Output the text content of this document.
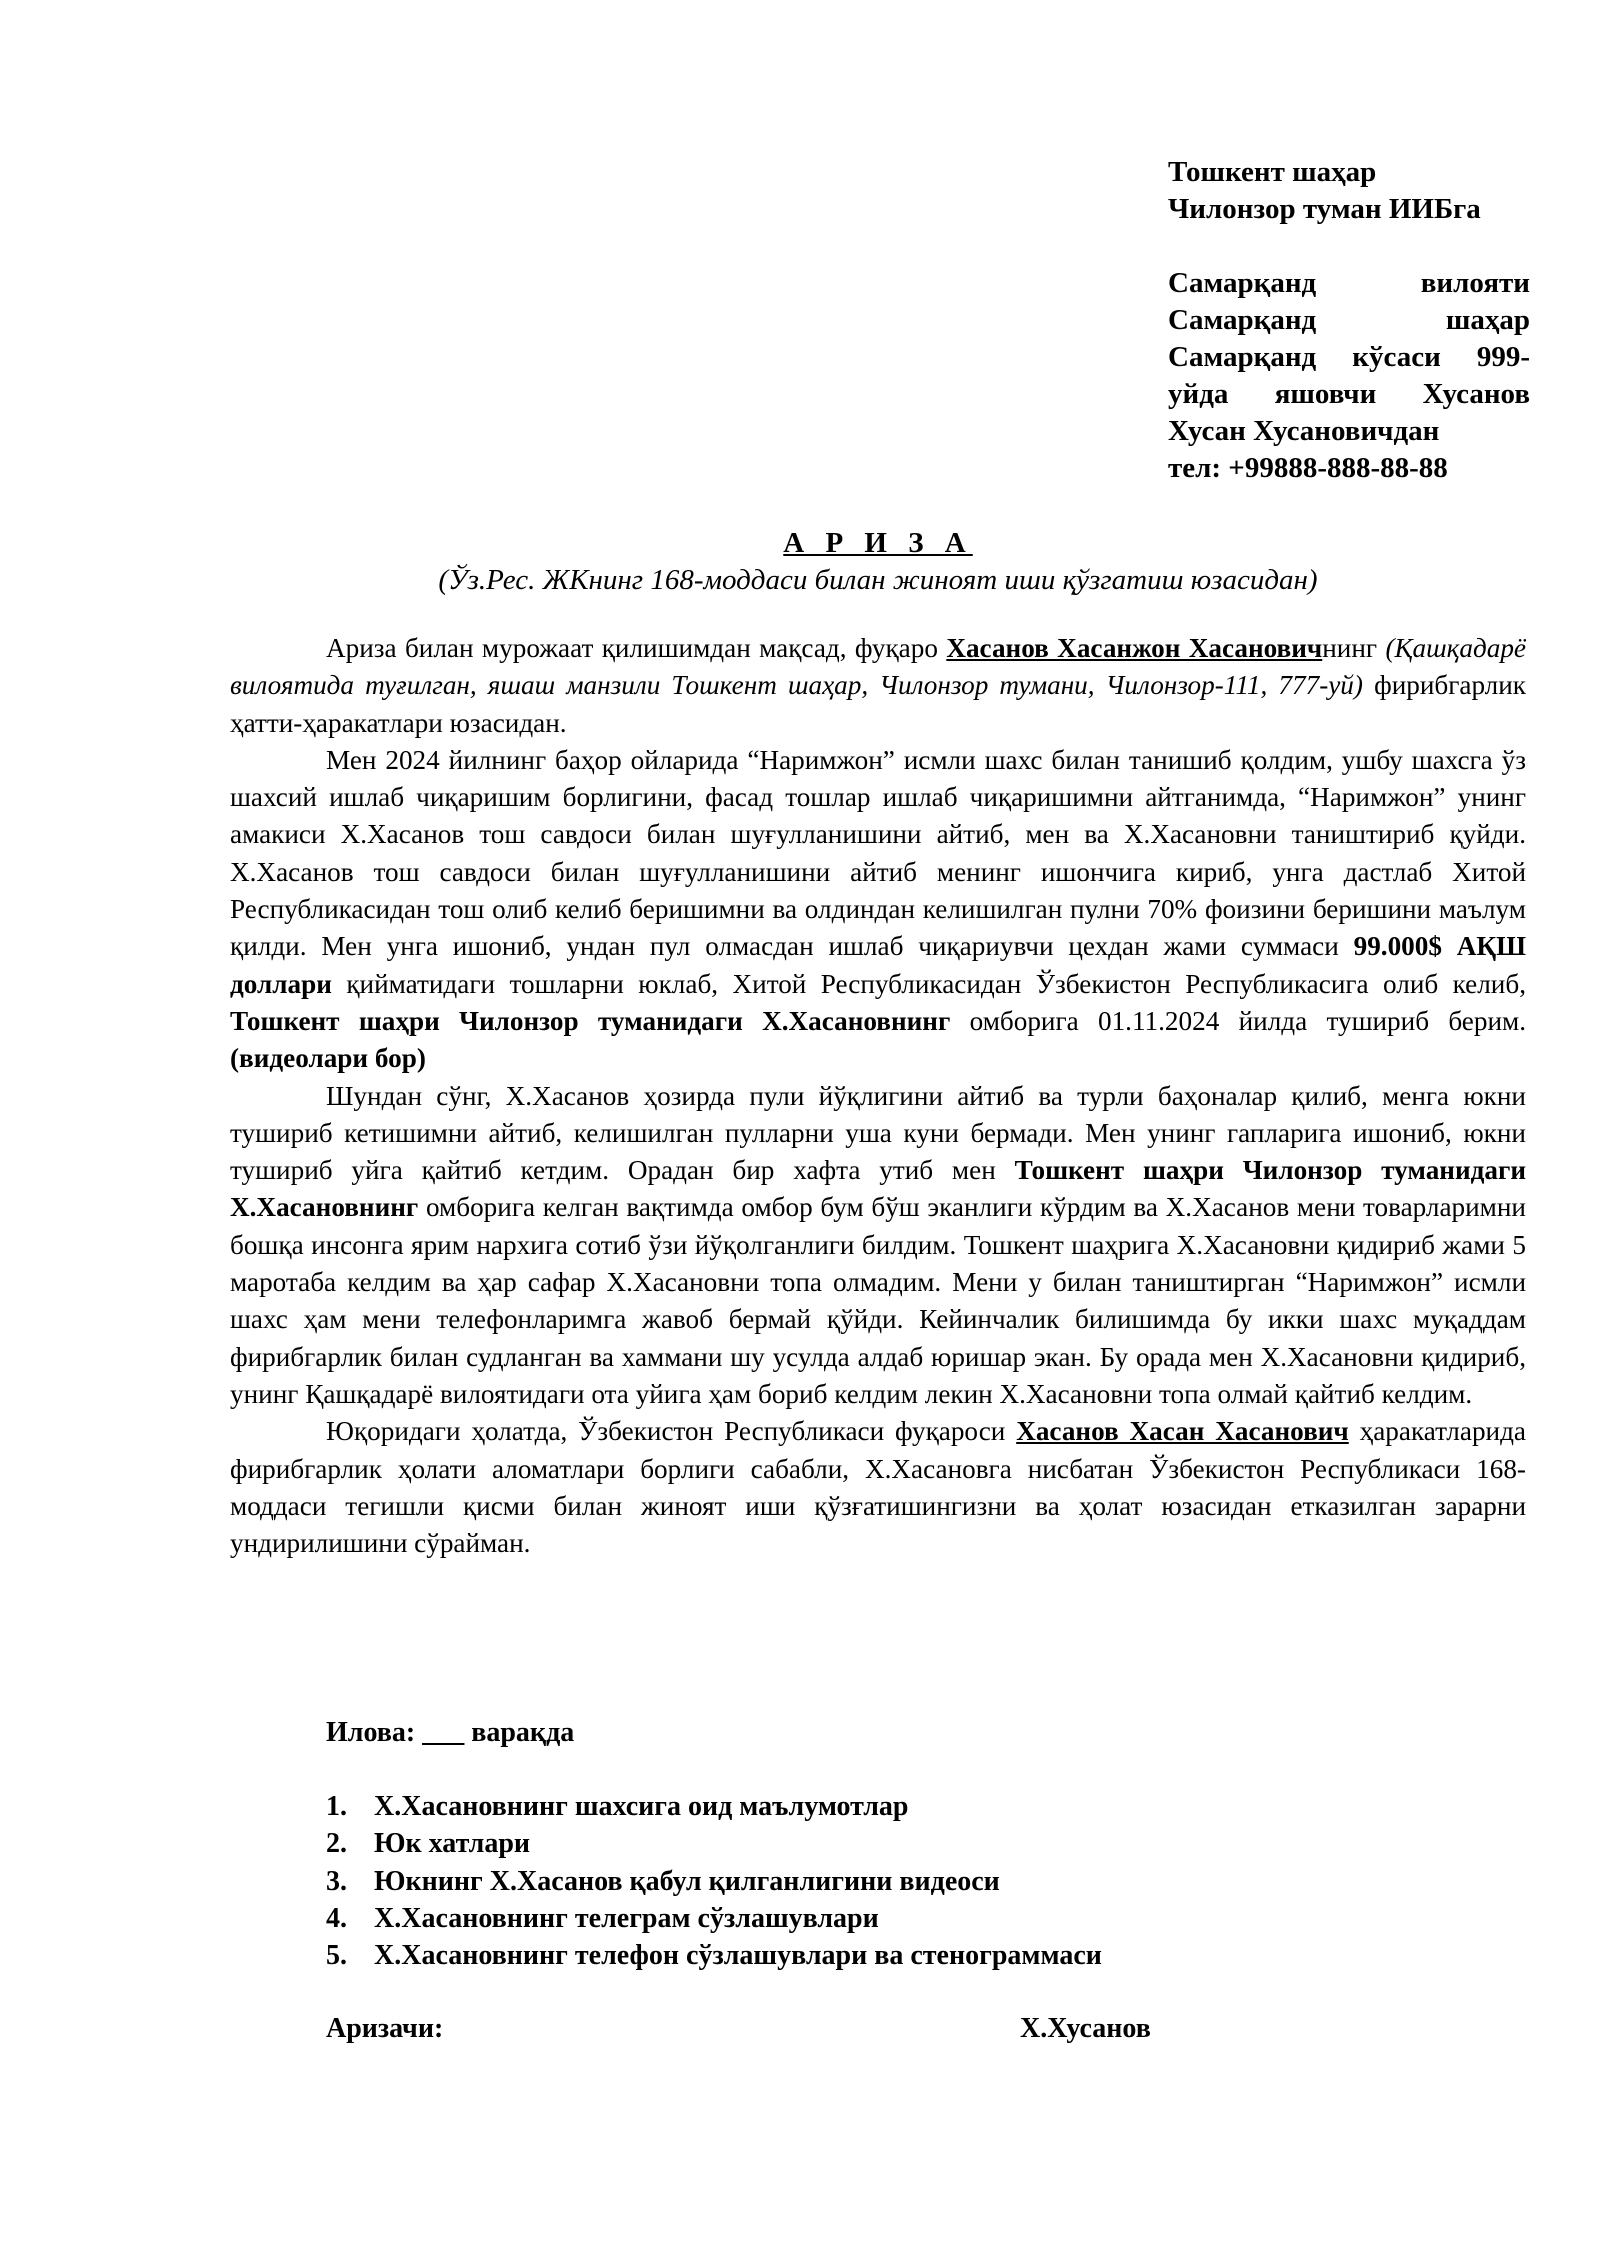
Тошкент шаҳар
Чилонзор туман ИИБга
Самарқанд вилояти
Самарқанд шаҳар
Самарқанд кўсаси 999-
уйда яшовчи Хусанов
Хусан Хусановичдан
тел: +99888-888-88-88
А Р И З А
(Ўз.Рес. ЖКнинг 168-моддаси билан жиноят иши қўзгатиш юзасидан)

Ариза билан мурожаат қилишимдан мақсад, фуқаро Хасанов Хасанжон Хасановичнинг (Қашқадарё вилоятида туғилган, яшаш манзили Тошкент шаҳар, Чилонзор тумани, Чилонзор-111, 777-уй) фирибгарлик ҳатти-ҳаракатлари юзасидан.

Мен 2024 йилнинг баҳор ойларида “Наримжон” исмли шахс билан танишиб қолдим, ушбу шахсга ўз шахсий ишлаб чиқаришим борлигини, фасад тошлар ишлаб чиқаришимни айтганимда, “Наримжон” унинг амакиси Х.Хасанов тош савдоси билан шуғулланишини айтиб, мен ва Х.Хасановни таништириб қуйди. Х.Хасанов тош савдоси билан шуғулланишини айтиб менинг ишончига кириб, унга дастлаб Хитой Республикасидан тош олиб келиб беришимни ва олдиндан келишилган пулни 70% фоизини беришини маълум қилди. Мен унга ишониб, ундан пул олмасдан ишлаб чиқариувчи цехдан жами суммаси 99.000$ АҚШ доллари қийматидаги тошларни юклаб, Хитой Республикасидан Ўзбекистон Республикасига олиб келиб, Тошкент шаҳри Чилонзор туманидаги Х.Хасановнинг омборига 01.11.2024 йилда тушириб берим. (видеолари бор)

Шундан сўнг, Х.Хасанов ҳозирда пули йўқлигини айтиб ва турли баҳоналар қилиб, менга юкни тушириб кетишимни айтиб, келишилган пулларни уша куни бермади. Мен унинг гапларига ишониб, юкни тушириб уйга қайтиб кетдим. Орадан бир хафта утиб мен Тошкент шаҳри Чилонзор туманидаги Х.Хасановнинг омборига келган вақтимда омбор бум бўш эканлиги кўрдим ва Х.Хасанов мени товарларимни бошқа инсонга ярим нархига сотиб ўзи йўқолганлиги билдим. Тошкент шаҳрига Х.Хасановни қидириб жами 5 маротаба келдим ва ҳар сафар Х.Хасановни топа олмадим. Мени у билан таништирган “Наримжон” исмли шахс ҳам мени телефонларимга жавоб бермай қўйди. Кейинчалик билишимда бу икки шахс муқаддам фирибгарлик билан судланган ва хаммани шу усулда алдаб юришар экан. Бу орада мен Х.Хасановни қидириб, унинг Қашқадарё вилоятидаги ота уйига ҳам бориб келдим лекин Х.Хасановни топа олмай қайтиб келдим.

Юқоридаги ҳолатда, Ўзбекистон Республикаси фуқароси Хасанов Хасан Хасанович ҳаракатларида фирибгарлик ҳолати аломатлари борлиги сабабли, Х.Хасановга нисбатан Ўзбекистон Республикаси 168-моддаси тегишли қисми билан жиноят иши қўзғатишингизни ва ҳолат юзасидан етказилган зарарни ундирилишини сўрайман.

Илова: ___ варақда
1. Х.Хасановнинг шахсига оид маълумотлар
2. Юк хатлари
3. Юкнинг Х.Хасанов қабул қилганлигини видеоси
4. Х.Хасановнинг телеграм сўзлашувлари
5. Х.Хасановнинг телефон сўзлашувлари ва стенограммаси
Аризачи:	Х.Хусанов
